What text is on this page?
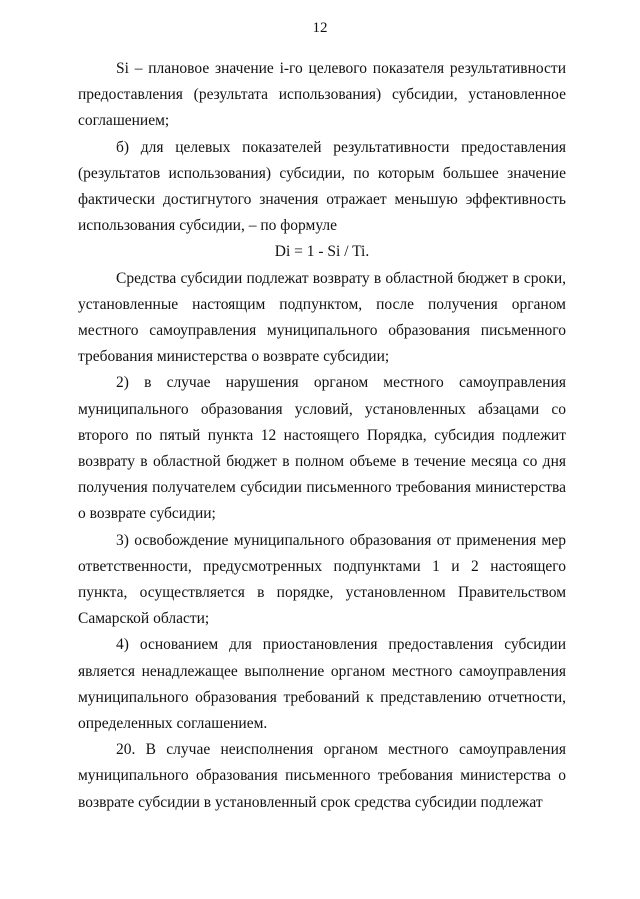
12

Si – плановое значение i-го целевого показателя результативности предоставления (результата использования) субсидии, установленное соглашением;

б) для целевых показателей результативности предоставления (результатов использования) субсидии, по которым большее значение фактически достигнутого значения отражает меньшую эффективность использования субсидии, – по формуле

Di = 1 - Si / Ti.

Средства субсидии подлежат возврату в областной бюджет в сроки, установленные настоящим подпунктом, после получения органом местного самоуправления муниципального образования письменного требования министерства о возврате субсидии;

2) в случае нарушения органом местного самоуправления муниципального образования условий, установленных абзацами со второго по пятый пункта 12 настоящего Порядка, субсидия подлежит возврату в областной бюджет в полном объеме в течение месяца со дня получения получателем субсидии письменного требования министерства о возврате субсидии;

3) освобождение муниципального образования от применения мер ответственности, предусмотренных подпунктами 1 и 2 настоящего пункта, осуществляется в порядке, установленном Правительством Самарской области;

4) основанием для приостановления предоставления субсидии является ненадлежащее выполнение органом местного самоуправления муниципального образования требований к представлению отчетности, определенных соглашением.

20. В случае неисполнения органом местного самоуправления муниципального образования письменного требования министерства о возврате субсидии в установленный срок средства субсидии подлежат
